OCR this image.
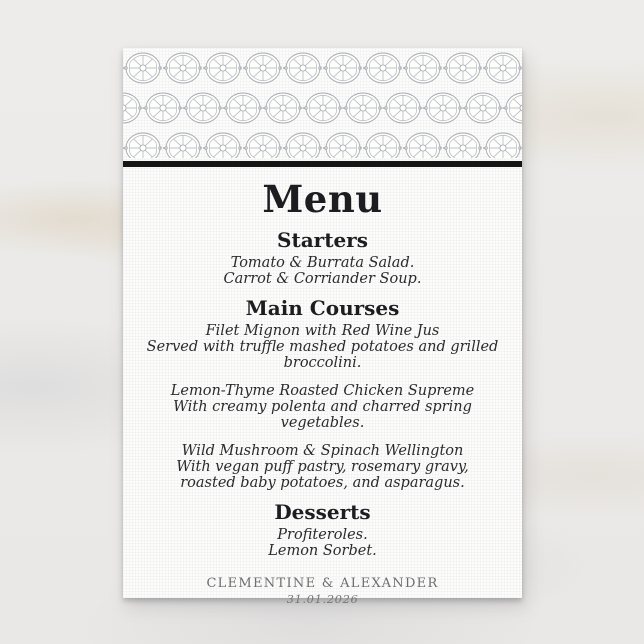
Menu
Starters
Tomato & Burrata Salad.
Carrot & Corriander Soup.
Main Courses
Filet Mignon with Red Wine Jus
Served with truffle mashed potatoes and grilled broccolini.
Lemon-Thyme Roasted Chicken Supreme
With creamy polenta and charred spring vegetables.
Wild Mushroom & Spinach Wellington
With vegan puff pastry, rosemary gravy, roasted baby potatoes, and asparagus.
Desserts
Profiteroles.
Lemon Sorbet.
CLEMENTINE & ALEXANDER
31.01.2026
